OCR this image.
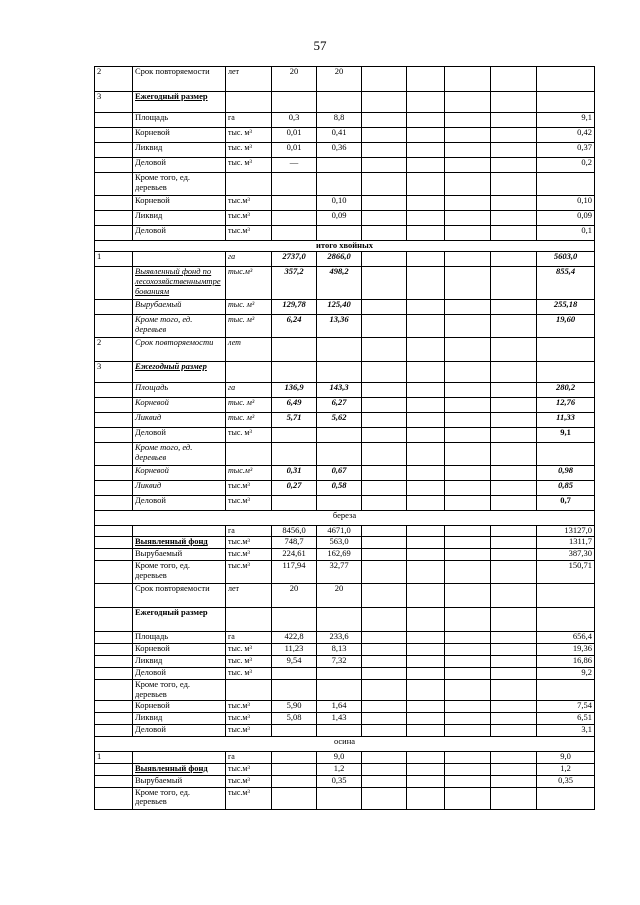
57
2	Срок повторяемости	лет	20	20					
3	Ежегодный размер								
	Площадь	га	0,3	8,8					9,1
	Корневой	тыс. м³	0,01	0,41					0,42
	Ликвид	тыс. м³	0,01	0,36					0,37
	Деловой	тыс. м³	—						0,2
	Кроме того, ед. деревьев								
	Корневой	тыс.м³		0,10					0,10
	Ликвид	тыс.м³		0,09					0,09
	Деловой	тыс.м³							0,1
итого хвойных									
1		га	2737,0	2866,0					5603,0
	Выявленный фонд по лесохозяйственнымтре бованиям	тыс.м³	357,2	498,2					855,4
	Вырубаемый	тыс. м³	129,78	125,40					255,18
	Кроме того, ед. деревьев	тыс. м³	6,24	13,36					19,60
2	Срок повторяемости	лет							
3	Ежегодный размер								
	Площадь	га	136,9	143,3					280,2
	Корневой	тыс. м³	6,49	6,27					12,76
	Ликвид	тыс. м³	5,71	5,62					11,33
	Деловой	тыс. м³							9,1
	Кроме того, ед. деревьев								
	Корневой	тыс.м³	0,31	0,67					0,98
	Ликвид	тыс.м³	0,27	0,58					0,85
	Деловой	тыс.м³							0,7
береза									
		га	8456,0	4671,0					13127,0
	Выявленный фонд	тыс.м³	748,7	563,0					1311,7
	Вырубаемый	тыс.м³	224,61	162,69					387,30
	Кроме того, ед. деревьев	тыс.м³	117,94	32,77					150,71
	Срок повторяемости	лет	20	20					
	Ежегодный размер								
	Площадь	га	422,8	233,6					656,4
	Корневой	тыс. м³	11,23	8,13					19,36
	Ликвид	тыс. м³	9,54	7,32					16,86
	Деловой	тыс. м³							9,2
	Кроме того, ед. деревьев								
	Корневой	тыс.м³	5,90	1,64					7,54
	Ликвид	тыс.м³	5,08	1,43					6,51
	Деловой	тыс.м³							3,1
осина									
1		га		9,0					9,0
	Выявленный фонд	тыс.м³		1,2					1,2
	Вырубаемый	тыс.м³		0,35					0,35
	Кроме того, ед. деревьев	тыс.м³							
